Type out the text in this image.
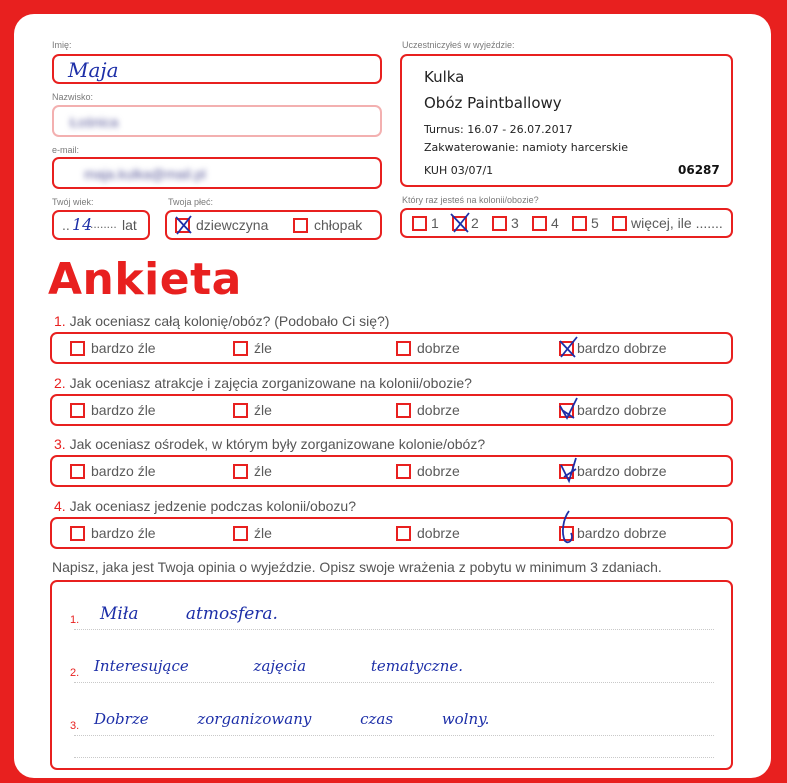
Imię:
Maja
Nazwisko:
Łośnica
e-mail:
maja.kulka@mail.pl
Twój wiek:
.. 14
........ lat
Twoja płeć:
dziewczyna	chłopak
Uczestniczyłeś w wyjeździe:
Kulka
Obóz Paintballowy
Turnus: 16.07 - 26.07.2017
Zakwaterowanie: namioty harcerskie
KUH 03/07/1	06287
Który raz jesteś na kolonii/obozie?
1 2 3 4 5 więcej, ile .......
Ankieta
1. Jak oceniasz całą kolonię/obóz? (Podobało Ci się?)
bardzo źle	źle	dobrze	bardzo dobrze
2. Jak oceniasz atrakcje i zajęcia zorganizowane na kolonii/obozie?
bardzo źle	źle	dobrze	bardzo dobrze
3. Jak oceniasz ośrodek, w którym były zorganizowane kolonie/obóz?
bardzo źle	źle	dobrze	bardzo dobrze
4. Jak oceniasz jedzenie podczas kolonii/obozu?
bardzo źle	źle	dobrze	bardzo dobrze
Napisz, jaka jest Twoja opinia o wyjeździe. Opisz swoje wrażenia z pobytu w minimum 3 zdaniach.
1. Miła atmosfera.
2. Interesujące zajęcia tematyczne.
3. Dobrze zorganizowany czas wolny.
